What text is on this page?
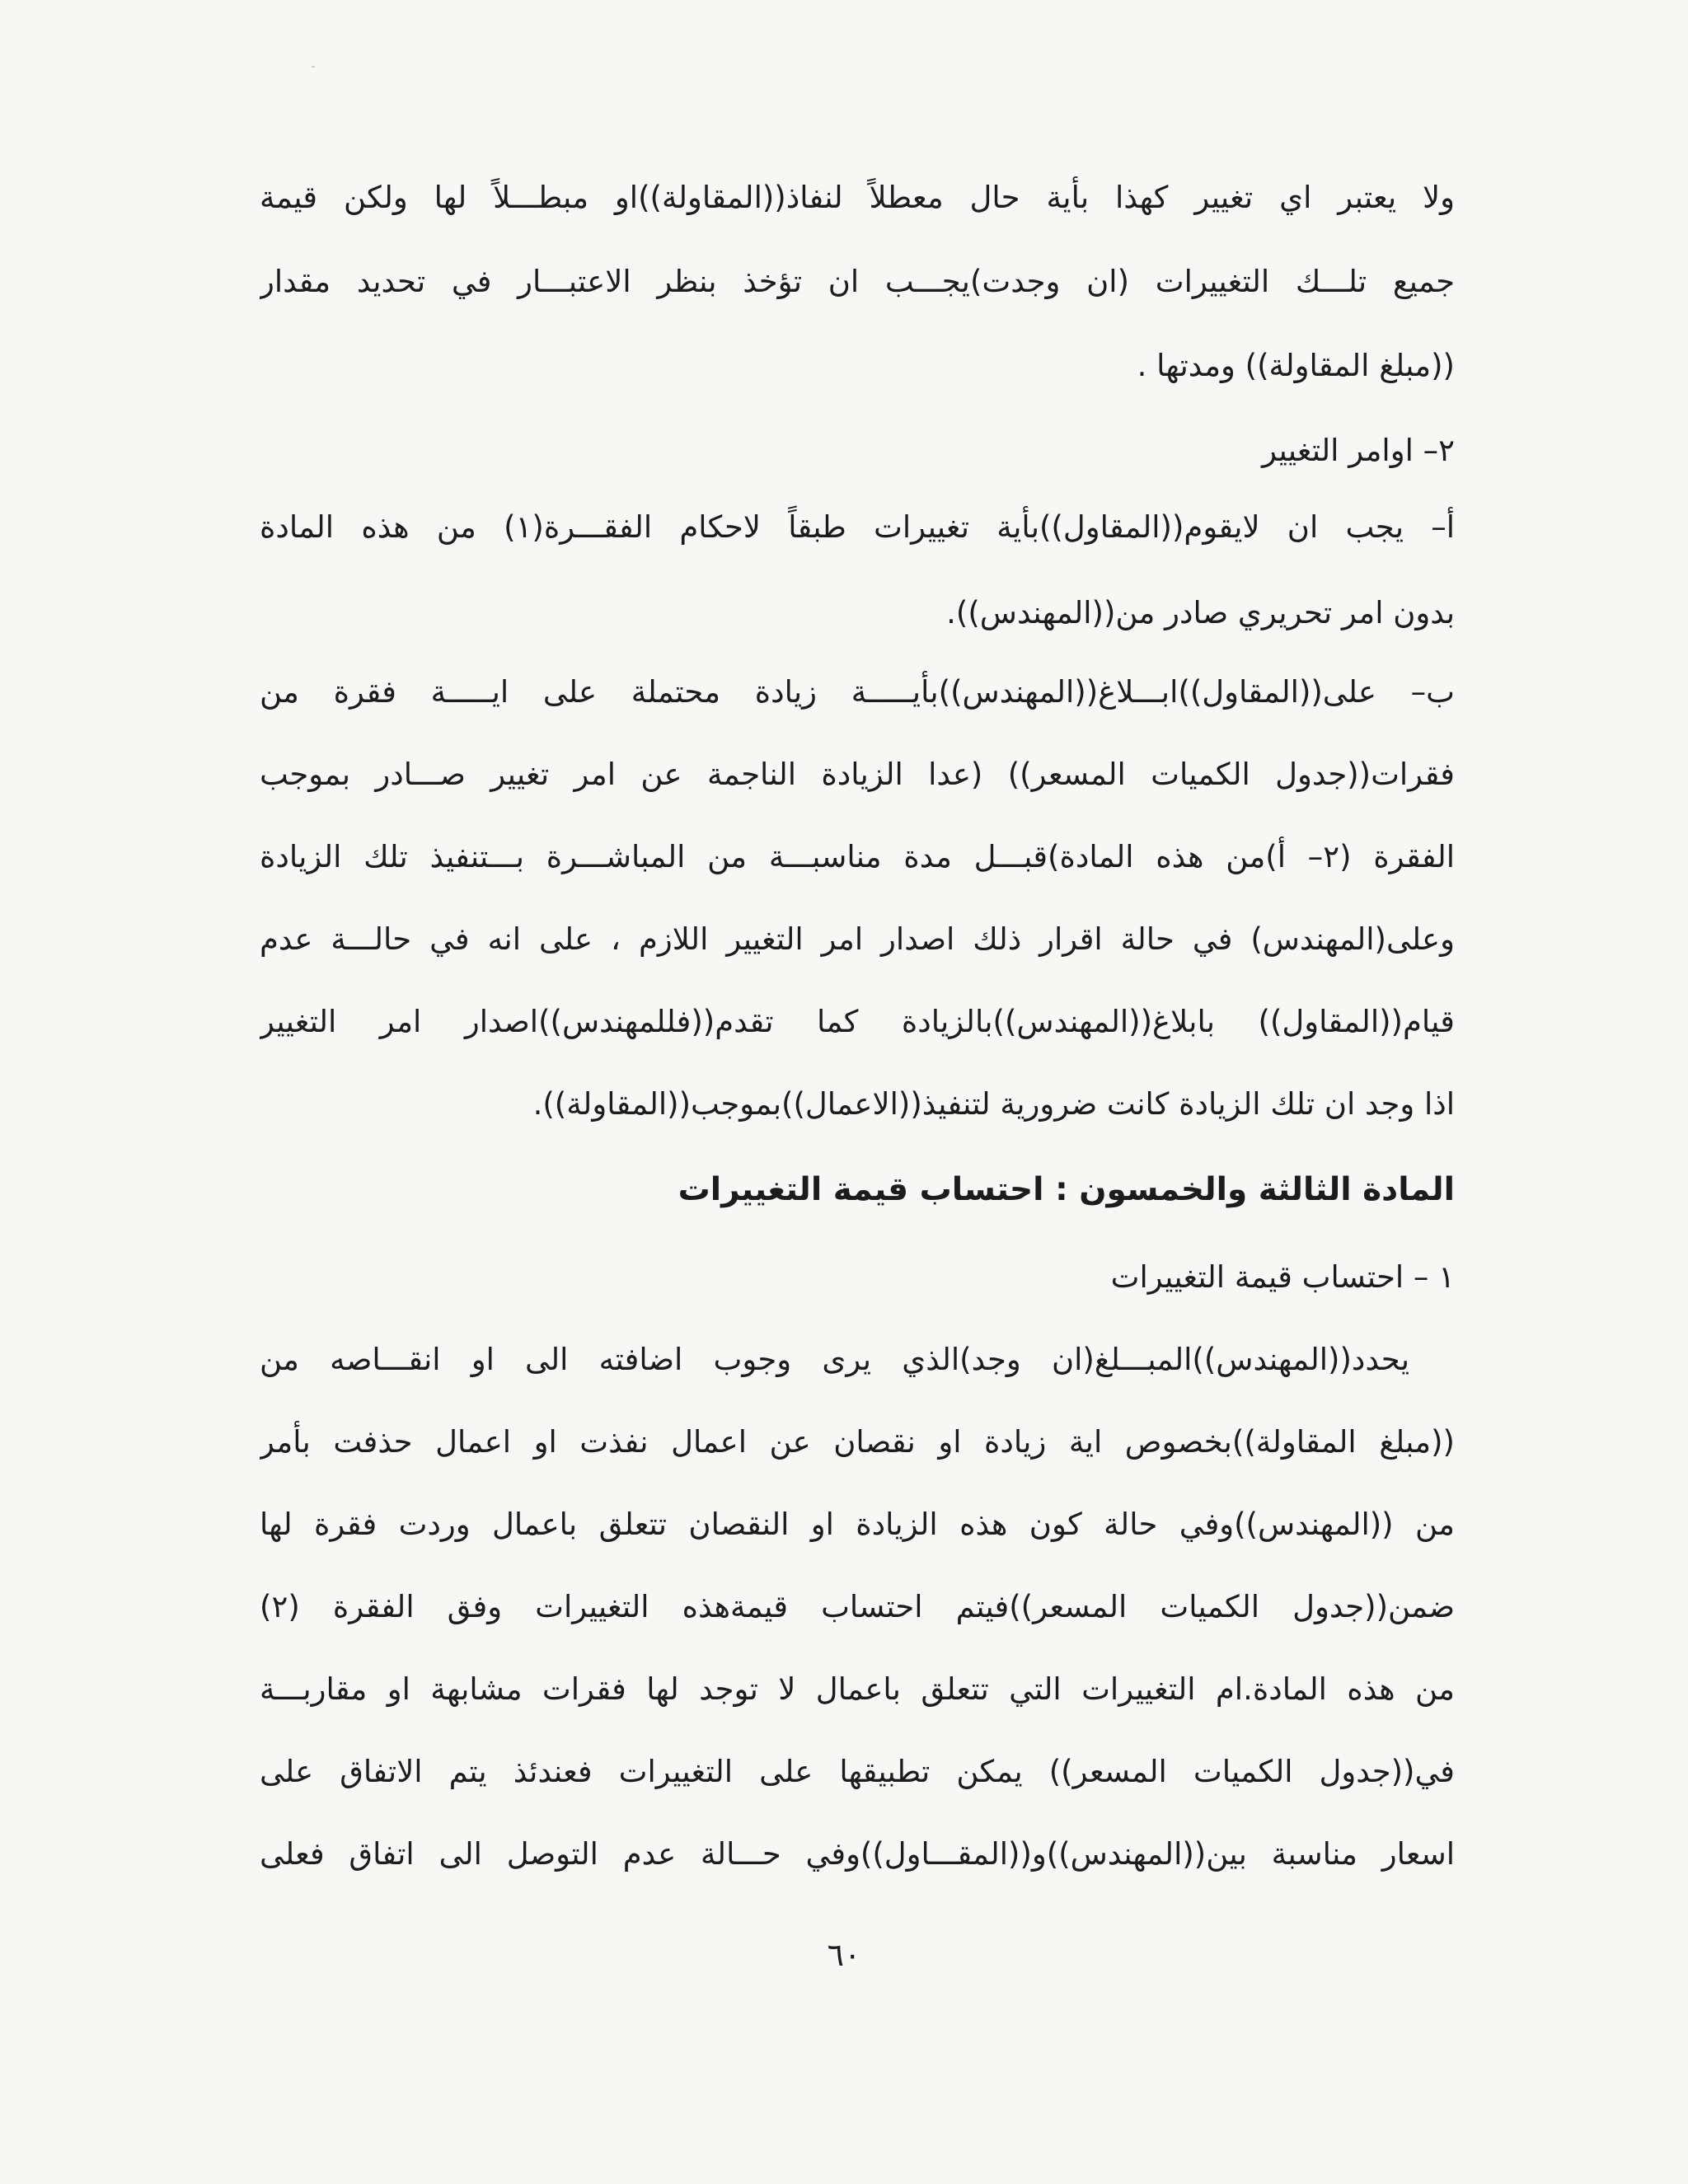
ولا يعتبر اي تغيير كهذا بأية حال معطلاً لنفاذ((المقاولة))او مبطـــلاً لها ولكن قيمة
جميع تلـــك التغييرات (ان وجدت)يجـــب ان تؤخذ بنظر الاعتبـــار في تحديد مقدار
((مبلغ المقاولة)) ومدتها .
٢– اوامر التغيير
أ– يجب ان لايقوم((المقاول))بأية تغييرات طبقاً لاحكام الفقـــرة(١) من هذه المادة
بدون امر تحريري صادر من((المهندس)).
ب– على((المقاول))ابـــلاغ((المهندس))بأيـــــة زيادة محتملة على ايـــــة فقرة من
فقرات((جدول الكميات المسعر)) (عدا الزيادة الناجمة عن امر تغيير صـــادر بموجب
الفقرة (٢– أ)من هذه المادة)قبـــل مدة مناسبـــة من المباشـــرة بـــتنفيذ تلك الزيادة
وعلى(المهندس) في حالة اقرار ذلك اصدار امر التغيير اللازم ، على انه في حالـــة عدم
قيام((المقاول)) بابلاغ((المهندس))بالزيادة كما تقدم((فللمهندس))اصدار امر التغيير
اذا وجد ان تلك الزيادة كانت ضرورية لتنفيذ((الاعمال))بموجب((المقاولة)).
المادة الثالثة والخمسون : احتساب قيمة التغييرات
١ – احتساب قيمة التغييرات
يحدد((المهندس))المبـــلغ(ان وجد)الذي يرى وجوب اضافته الى او انقـــاصه من
((مبلغ المقاولة))بخصوص اية زيادة او نقصان عن اعمال نفذت او اعمال حذفت بأمر
من ((المهندس))وفي حالة كون هذه الزيادة او النقصان تتعلق باعمال وردت فقرة لها
ضمن((جدول الكميات المسعر))فيتم احتساب قيمةهذه التغييرات وفق الفقرة (٢)
من هذه المادة.ام التغييرات التي تتعلق باعمال لا توجد لها فقرات مشابهة او مقاربـــة
في((جدول الكميات المسعر)) يمكن تطبيقها على التغييرات فعندئذ يتم الاتفاق على
اسعار مناسبة بين((المهندس))و((المقـــاول))وفي حـــالة عدم التوصل الى اتفاق فعلى
٦٠
